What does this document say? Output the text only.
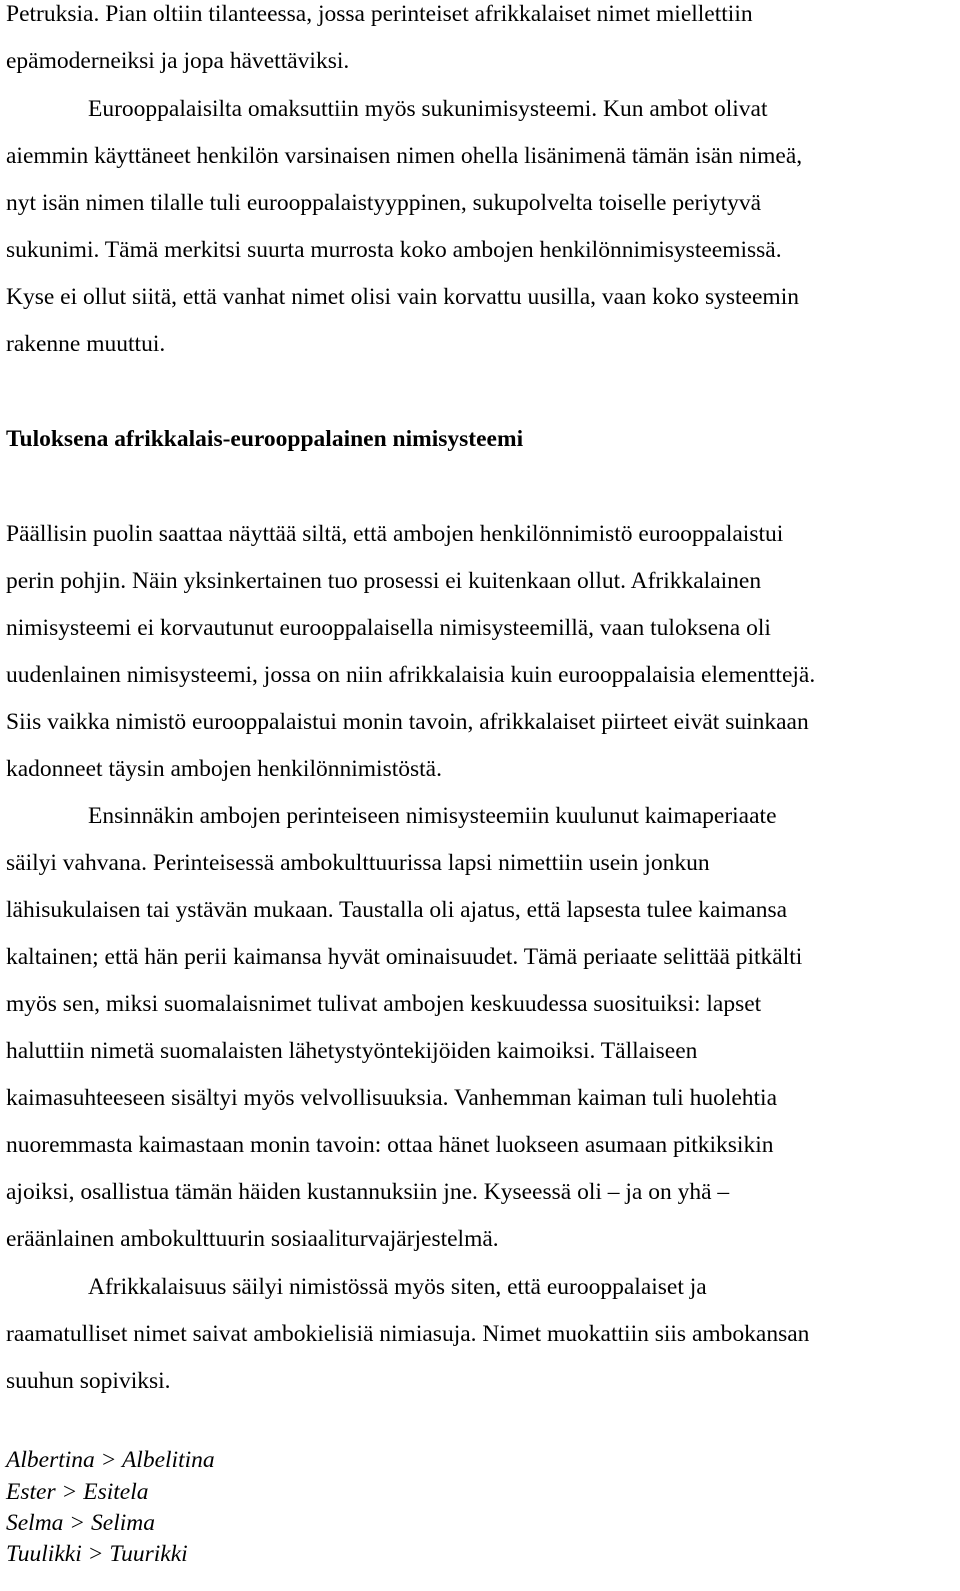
Petruksia. Pian oltiin tilanteessa, jossa perinteiset afrikkalaiset nimet miellettiin
epämoderneiksi ja jopa hävettäviksi.
Eurooppalaisilta omaksuttiin myös sukunimisysteemi. Kun ambot olivat
aiemmin käyttäneet henkilön varsinaisen nimen ohella lisänimenä tämän isän nimeä,
nyt isän nimen tilalle tuli eurooppalaistyyppinen, sukupolvelta toiselle periytyvä
sukunimi. Tämä merkitsi suurta murrosta koko ambojen henkilönnimisysteemissä.
Kyse ei ollut siitä, että vanhat nimet olisi vain korvattu uusilla, vaan koko systeemin
rakenne muuttui.
Tuloksena afrikkalais-eurooppalainen nimisysteemi
Päällisin puolin saattaa näyttää siltä, että ambojen henkilönnimistö eurooppalaistui
perin pohjin. Näin yksinkertainen tuo prosessi ei kuitenkaan ollut. Afrikkalainen
nimisysteemi ei korvautunut eurooppalaisella nimisysteemillä, vaan tuloksena oli
uudenlainen nimisysteemi, jossa on niin afrikkalaisia kuin eurooppalaisia elementtejä.
Siis vaikka nimistö eurooppalaistui monin tavoin, afrikkalaiset piirteet eivät suinkaan
kadonneet täysin ambojen henkilönnimistöstä.
Ensinnäkin ambojen perinteiseen nimisysteemiin kuulunut kaimaperiaate
säilyi vahvana. Perinteisessä ambokulttuurissa lapsi nimettiin usein jonkun
lähisukulaisen tai ystävän mukaan. Taustalla oli ajatus, että lapsesta tulee kaimansa
kaltainen; että hän perii kaimansa hyvät ominaisuudet. Tämä periaate selittää pitkälti
myös sen, miksi suomalaisnimet tulivat ambojen keskuudessa suosituiksi: lapset
haluttiin nimetä suomalaisten lähetystyöntekijöiden kaimoiksi. Tällaiseen
kaimasuhteeseen sisältyi myös velvollisuuksia. Vanhemman kaiman tuli huolehtia
nuoremmasta kaimastaan monin tavoin: ottaa hänet luokseen asumaan pitkiksikin
ajoiksi, osallistua tämän häiden kustannuksiin jne. Kyseessä oli – ja on yhä –
eräänlainen ambokulttuurin sosiaaliturvajärjestelmä.
Afrikkalaisuus säilyi nimistössä myös siten, että eurooppalaiset ja
raamatulliset nimet saivat ambokielisiä nimiasuja. Nimet muokattiin siis ambokansan
suuhun sopiviksi.
Albertina > Albelitina
Ester > Esitela
Selma > Selima
Tuulikki > Tuurikki
